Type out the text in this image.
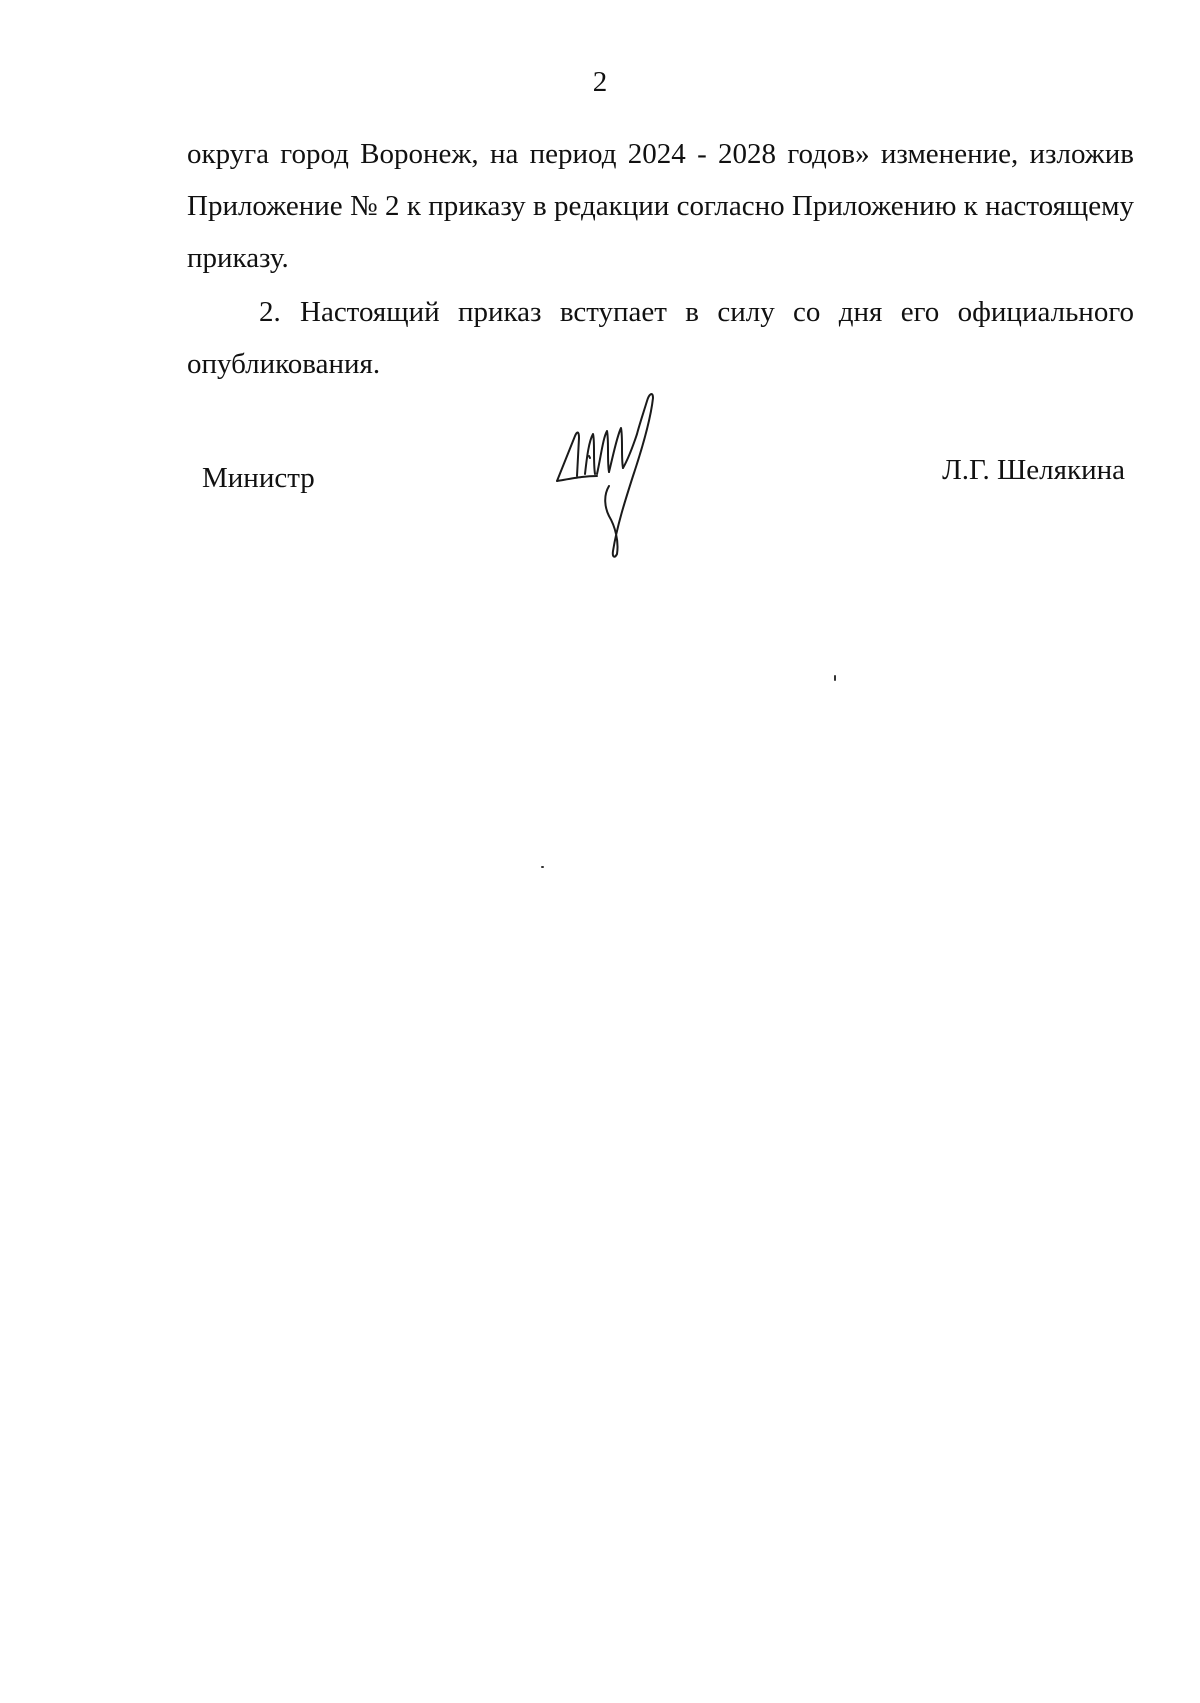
2
округа город Воронеж, на период 2024 - 2028 годов» изменение, изложив
Приложение № 2 к приказу в редакции согласно Приложению к настоящему
приказу.
2. Настоящий приказ вступает в силу со дня его официального
опубликования.
Министр	Л.Г. Шелякина
